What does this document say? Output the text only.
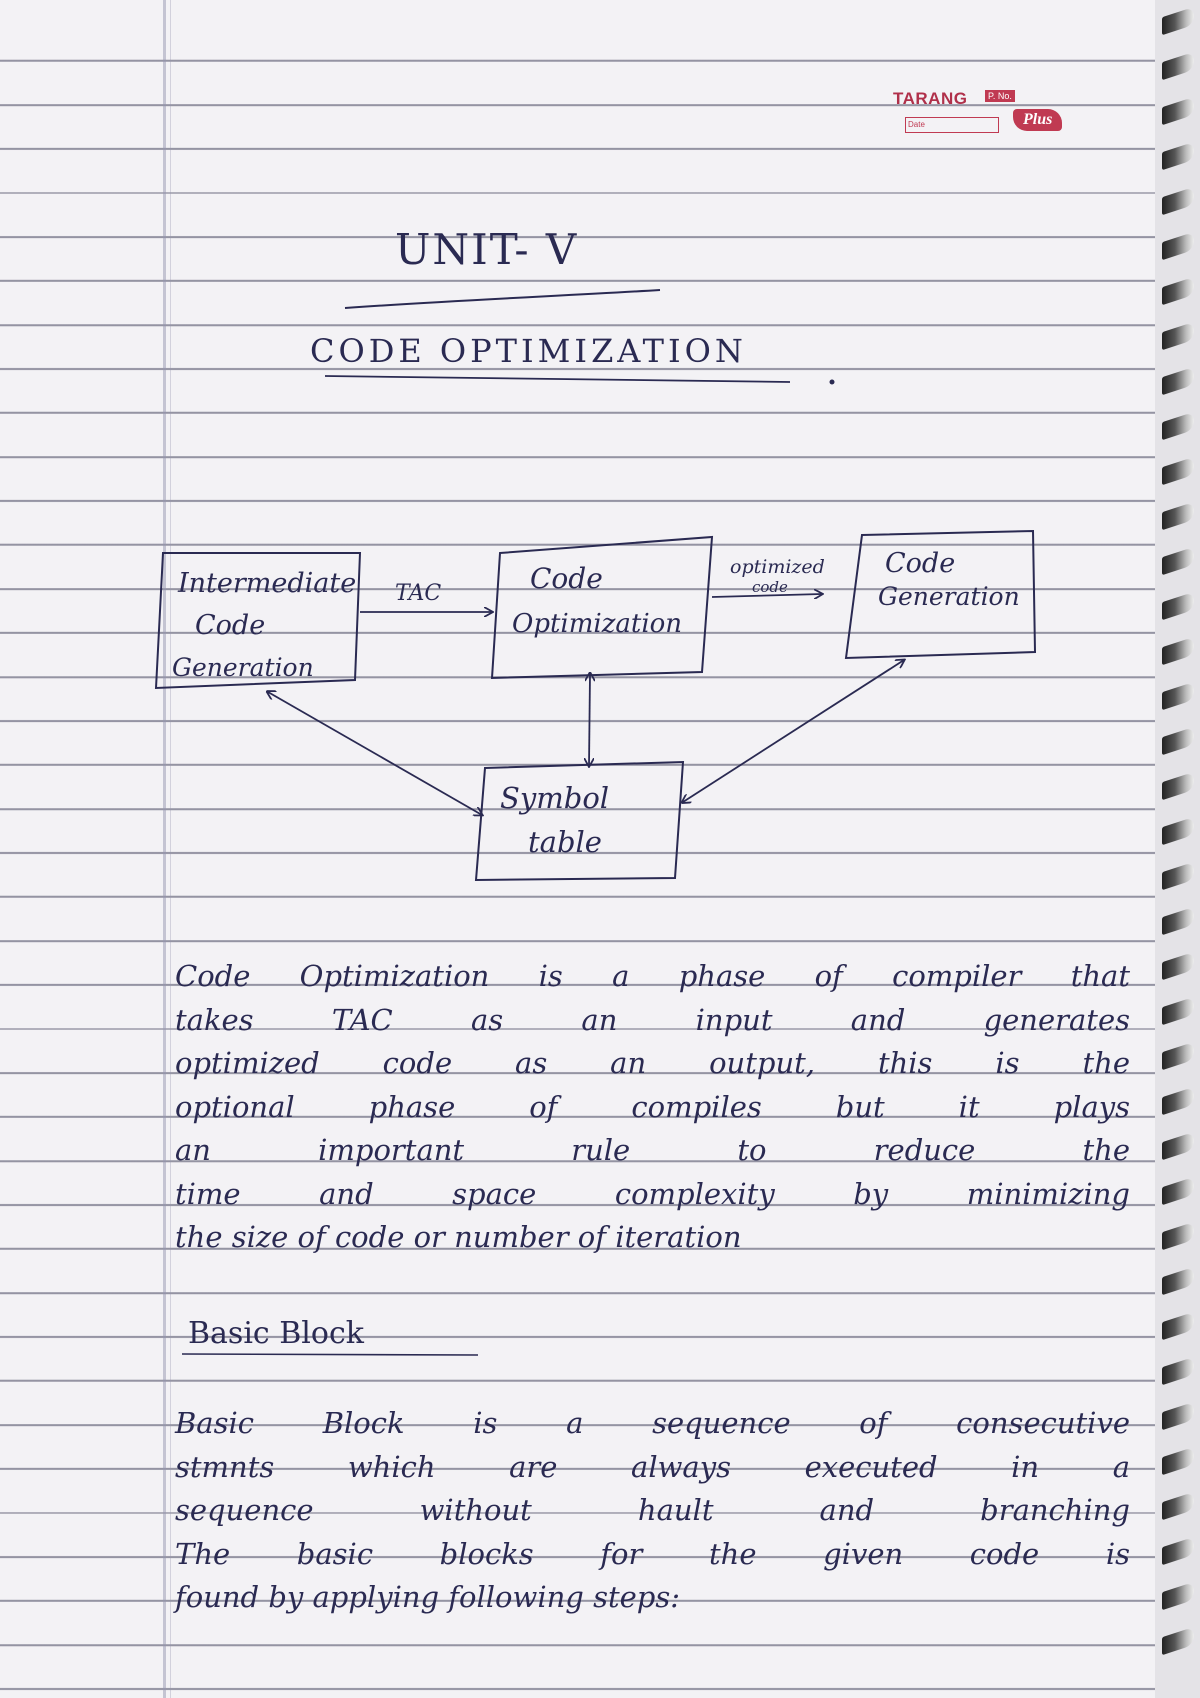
TARANG	P. No.
Date	Plus
UNIT- V
CODE OPTIMIZATION
Intermediate
Code
Generation
Code
Optimization
Code
Generation
Symbol
table
TAC
optimized
code
Code Optimization is a phase of compiler that
takes TAC as an input and generates
optimized code as an output, this is the
optional phase of compiles but it plays
an important rule to reduce the
time and space complexity by minimizing
the size of code or number of iteration
Basic Block
Basic Block is a sequence of consecutive
stmnts which are always executed in a
sequence without hault and branching
The basic blocks for the given code is
found by applying following steps:
